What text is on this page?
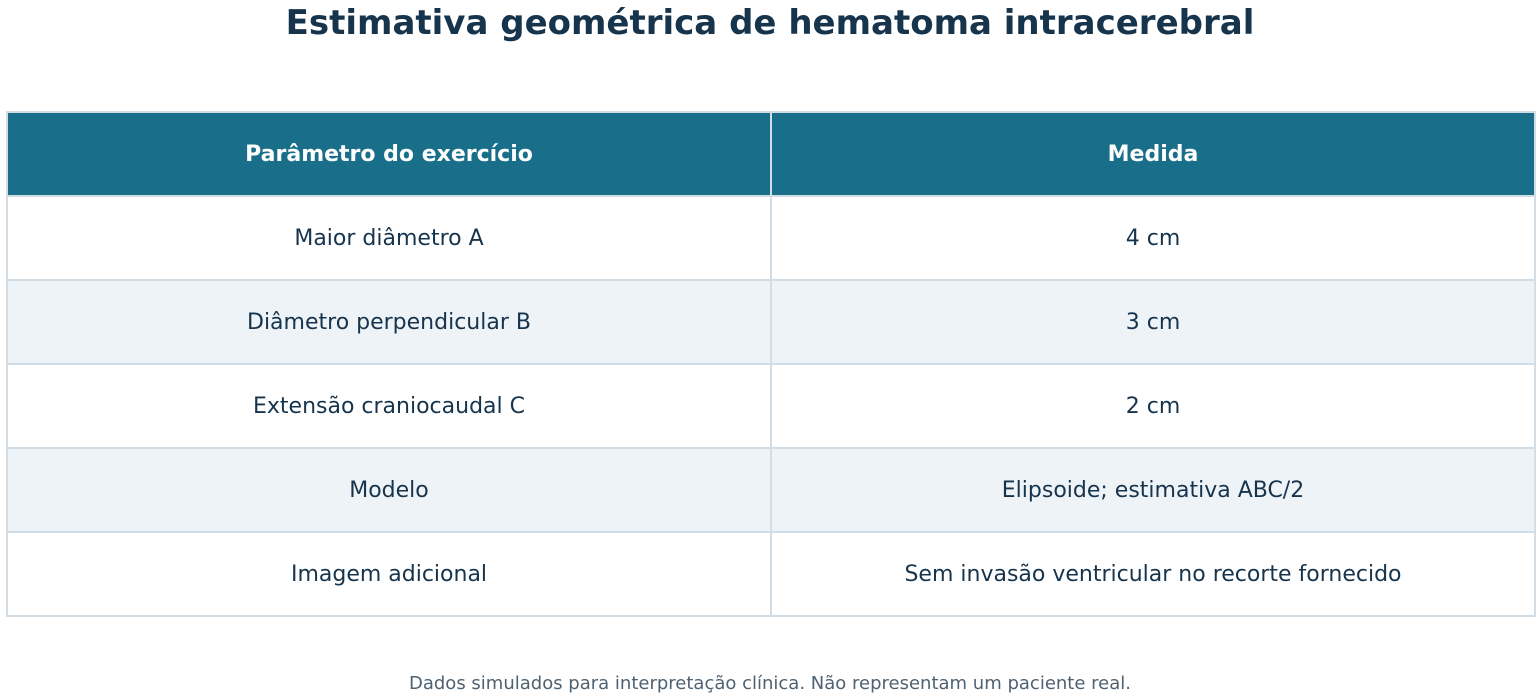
Estimativa geométrica de hematoma intracerebral
Parâmetro do exercício	Medida
Maior diâmetro A	4 cm
Diâmetro perpendicular B	3 cm
Extensão craniocaudal C	2 cm
Modelo	Elipsoide; estimativa ABC/2
Imagem adicional	Sem invasão ventricular no recorte fornecido
Dados simulados para interpretação clínica. Não representam um paciente real.
